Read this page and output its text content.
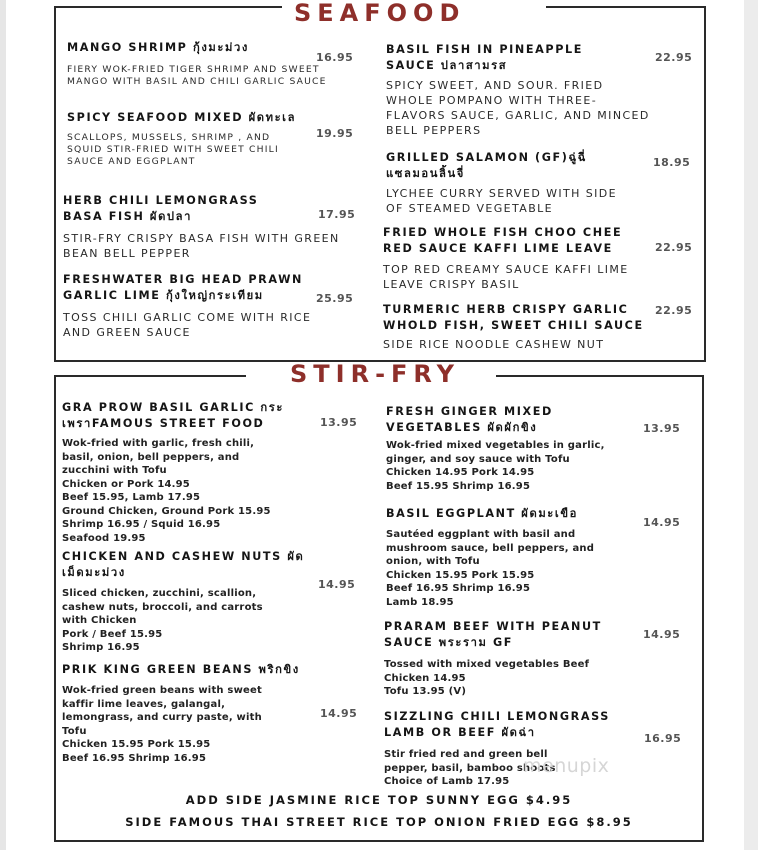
SEAFOOD
MANGO SHRIMP กุ้งมะม่วง
FIERY WOK-FRIED TIGER SHRIMP AND SWEET MANGO WITH BASIL AND CHILI GARLIC SAUCE
16.95
SPICY SEAFOOD MIXED ผัดทะเล
SCALLOPS, MUSSELS, SHRIMP , AND SQUID STIR-FRIED WITH SWEET CHILI SAUCE AND EGGPLANT
19.95
HERB CHILI LEMONGRASS BASA FISH ผัดปลา
STIR-FRY CRISPY BASA FISH WITH GREEN BEAN BELL PEPPER
17.95
FRESHWATER BIG HEAD PRAWN GARLIC LIME กุ้งใหญ่กระเทียม
TOSS CHILI GARLIC COME WITH RICE AND GREEN SAUCE
25.95
BASIL FISH IN PINEAPPLE SAUCE ปลาสามรส
SPICY SWEET, AND SOUR. FRIED WHOLE POMPANO WITH THREE-FLAVORS SAUCE, GARLIC, AND MINCED BELL PEPPERS
22.95
GRILLED SALAMON (GF)ฉู่ฉี่แซลมอนลิ้นจี่
LYCHEE CURRY SERVED WITH SIDE OF STEAMED VEGETABLE
18.95
FRIED WHOLE FISH CHOO CHEE RED SAUCE KAFFI LIME LEAVE
TOP RED CREAMY SAUCE KAFFI LIME LEAVE CRISPY BASIL
22.95
TURMERIC HERB CRISPY GARLIC WHOLD FISH, SWEET CHILI SAUCE
SIDE RICE NOODLE CASHEW NUT
22.95
STIR-FRY
GRA PROW BASIL GARLIC กระเพราFAMOUS STREET FOOD
Wok-fried with garlic, fresh chili, basil, onion, bell peppers, and zucchini with Tofu
Chicken or Pork 14.95
Beef 15.95, Lamb 17.95
Ground Chicken, Ground Pork 15.95
Shrimp 16.95 / Squid 16.95
Seafood 19.95
13.95
CHICKEN AND CASHEW NUTS ผัดเม็ดมะม่วง
Sliced chicken, zucchini, scallion, cashew nuts, broccoli, and carrots with Chicken
Pork / Beef 15.95
Shrimp 16.95
14.95
PRIK KING GREEN BEANS พริกขิง
Wok-fried green beans with sweet kaffir lime leaves, galangal, lemongrass, and curry paste, with Tofu
Chicken 15.95 Pork 15.95
Beef 16.95 Shrimp 16.95
14.95
FRESH GINGER MIXED VEGETABLES ผัดผักขิง
Wok-fried mixed vegetables in garlic, ginger, and soy sauce with Tofu
Chicken 14.95 Pork 14.95
Beef 15.95 Shrimp 16.95
13.95
BASIL EGGPLANT ผัดมะเขือ
Sautéed eggplant with basil and mushroom sauce, bell peppers, and onion, with Tofu
Chicken 15.95 Pork 15.95
Beef 16.95 Shrimp 16.95
Lamb 18.95
14.95
PRARAM BEEF WITH PEANUT SAUCE พระราม GF
Tossed with mixed vegetables Beef
Chicken 14.95
Tofu 13.95 (V)
14.95
SIZZLING CHILI LEMONGRASS LAMB OR BEEF ผัดฉ่า
Stir fried red and green bell pepper, basil, bamboo shoots
Choice of Lamb 17.95
16.95
menupix
ADD SIDE JASMINE RICE TOP SUNNY EGG $4.95
SIDE FAMOUS THAI STREET RICE TOP ONION FRIED EGG $8.95
